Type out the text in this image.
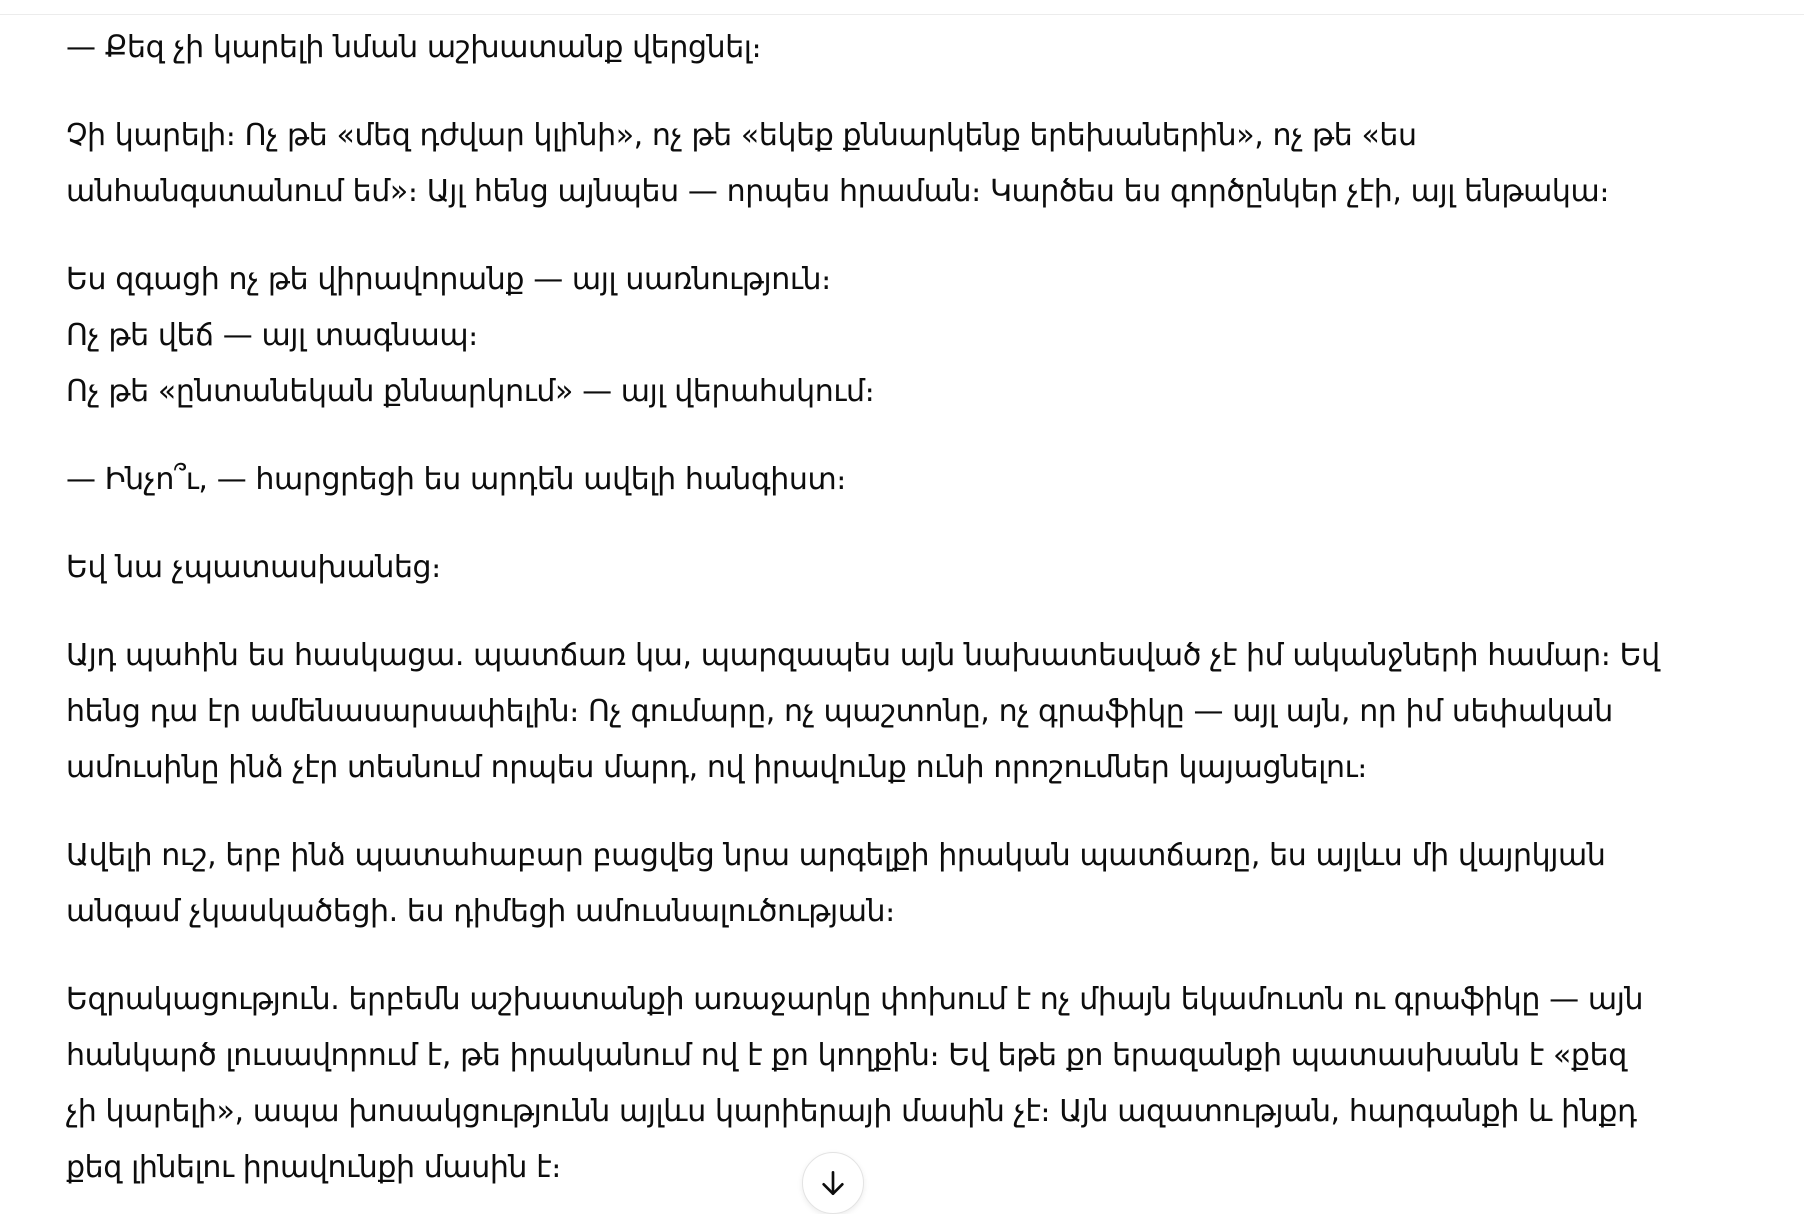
— Քեզ չի կարելի նման աշխատանք վերցնել։

Չի կարելի։ Ոչ թե «մեզ դժվար կլինի», ոչ թե «եկեք քննարկենք երեխաներին», ոչ թե «ես
անհանգստանում եմ»։ Այլ հենց այնպես — որպես հրաման։ Կարծես ես գործընկեր չէի, այլ ենթակա։

Ես զգացի ոչ թե վիրավորանք — այլ սառնություն։
Ոչ թե վեճ — այլ տագնապ։
Ոչ թե «ընտանեկան քննարկում» — այլ վերահսկում։

— Ինչո՞ւ, — հարցրեցի ես արդեն ավելի հանգիստ։

Եվ նա չպատասխանեց։

Այդ պահին ես հասկացա. պատճառ կա, պարզապես այն նախատեսված չէ իմ ականջների համար։ Եվ
հենց դա էր ամենասարսափելին։ Ոչ գումարը, ոչ պաշտոնը, ոչ գրաֆիկը — այլ այն, որ իմ սեփական
ամուսինը ինձ չէր տեսնում որպես մարդ, ով իրավունք ունի որոշումներ կայացնելու։

Ավելի ուշ, երբ ինձ պատահաբար բացվեց նրա արգելքի իրական պատճառը, ես այլևս մի վայրկյան
անգամ չկասկածեցի. ես դիմեցի ամուսնալուծության։

Եզրակացություն. երբեմն աշխատանքի առաջարկը փոխում է ոչ միայն եկամուտն ու գրաֆիկը — այն
հանկարծ լուսավորում է, թե իրականում ով է քո կողքին։ Եվ եթե քո երազանքի պատասխանն է «քեզ
չի կարելի», ապա խոսակցությունն այլևս կարիերայի մասին չէ։ Այն ազատության, հարգանքի և ինքդ
քեզ լինելու իրավունքի մասին է։
